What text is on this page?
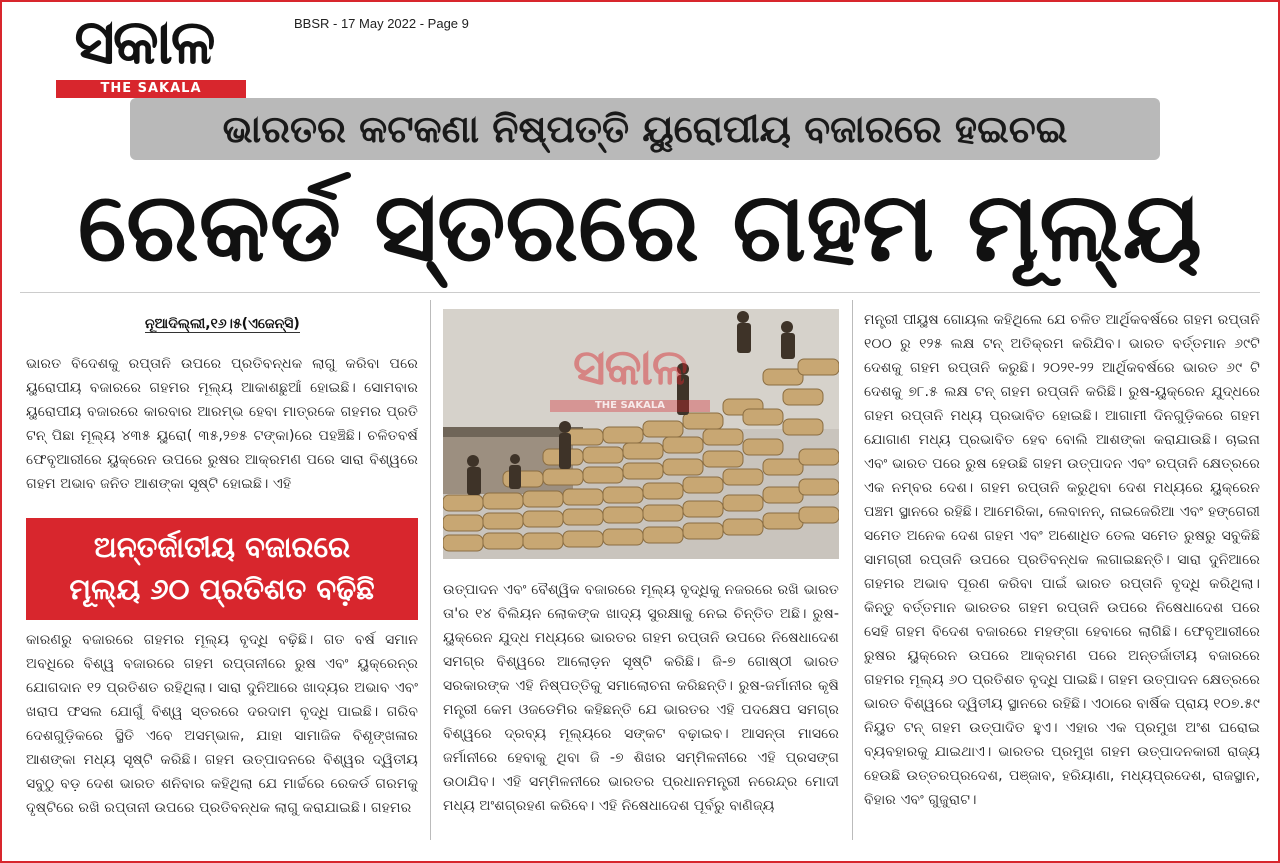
ସକାଳ
THE SAKALA
BBSR - 17 May 2022 - Page 9
ଭାରତର କଟକଣା ନିଷ୍ପତ୍ତି ୟୁରୋପୀୟ ବଜାରରେ ହଇଚଇ
ରେକର୍ଡ ସ୍ତରରେ ଗହମ ମୂଲ୍ୟ
ନୂଆଦିଲ୍ଲୀ,୧୬।୫(ଏଜେନ୍ସି)

ଭାରତ ବିଦେଶକୁ ରପ୍ତାନି ଉପରେ ପ୍ରତିବନ୍ଧକ ଲାଗୁ କରିବା ପରେ ୟୁରୋପୀୟ ବଜାରରେ ଗହମର ମୂଲ୍ୟ ଆକାଶଛୁଆଁ ହୋଇଛି। ସୋମବାର ୟୁରୋପୀୟ ବଜାରରେ କାରବାର ଆରମ୍ଭ ହେବା ମାତ୍ରକେ ଗହମର ପ୍ରତି ଟନ୍ ପିଛା ମୂଲ୍ୟ ୪୩୫ ୟୁରୋ( ୩୫,୨୭୫ ଟଙ୍କା)ରେ ପହଞ୍ଚିଛି। ଚଳିତବର୍ଷ ଫେବୃଆରୀରେ ୟୁକ୍ରେନ ଉପରେ ରୁଷର ଆକ୍ରମଣ ପରେ ସାରା ବିଶ୍ୱରେ ଗହମ ଅଭାବ ଜନିତ ଆଶଙ୍କା ସୃଷ୍ଟି ହୋଇଛି। ଏହି

ଅନ୍ତର୍ଜାତୀୟ ବଜାରରେ
ମୂଲ୍ୟ ୬୦ ପ୍ରତିଶତ ବଢ଼ିଛି

କାରଣରୁ ବଜାରରେ ଗହମର ମୂଲ୍ୟ ବୃଦ୍ଧି ବଢ଼ିଛି। ଗତ ବର୍ଷ ସମାନ ଅବଧିରେ ବିଶ୍ୱ ବଜାରରେ ଗହମ ରପ୍ତାନୀରେ ରୁଷ ଏବଂ ୟୁକ୍ରେନ୍‌ର ଯୋଗଦାନ ୧୨ ପ୍ରତିଶତ ରହିଥିଲା। ସାରା ଦୁନିଆରେ ଖାଦ୍ୟର ଅଭାବ ଏବଂ ଖରାପ ଫସଲ ଯୋଗୁଁ ବିଶ୍ୱ ସ୍ତରରେ ଦରଦାମ ବୃଦ୍ଧି ପାଇଛି। ଗରିବ ଦେଶଗୁଡ଼ିକରେ ସ୍ଥିତି ଏବେ ଅସମ୍ଭାଳ, ଯାହା ସାମାଜିକ ବିଶୃଙ୍ଖଳାର ଆଶଙ୍କା ମଧ୍ୟ ସୃଷ୍ଟି କରିଛି। ଗହମ ଉତ୍ପାଦନରେ ବିଶ୍ୱର ଦ୍ୱିତୀୟ ସବୁଠୁ ବଡ଼ ଦେଶ ଭାରତ ଶନିବାର କହିଥିଲା ଯେ ମାର୍ଚ୍ଚରେ ରେକର୍ଡ ଗରମକୁ ଦୃଷ୍ଟିରେ ରଖି ରପ୍ତାନୀ ଉପରେ ପ୍ରତିବନ୍ଧକ ଲାଗୁ କରାଯାଇଛି। ଗହମର

ସକାଳ
THE SAKALA

ଉତ୍ପାଦନ ଏବଂ ବୈଶ୍ୱିକ ବଜାରରେ ମୂଲ୍ୟ ବୃଦ୍ଧିକୁ ନଜରରେ ରଖି ଭାରତ ତା'ର ୧୪ ବିଲିୟନ ଲୋକଙ୍କ ଖାଦ୍ୟ ସୁରକ୍ଷାକୁ ନେଇ ଚିନ୍ତିତ ଅଛି। ରୁଷ-ୟୁକ୍ରେନ ଯୁଦ୍ଧ ମଧ୍ୟରେ ଭାରତର ଗହମ ରପ୍ତାନି ଉପରେ ନିଷେଧାଦେଶ ସମଗ୍ର ବିଶ୍ୱରେ ଆଲୋଡ଼ନ ସୃଷ୍ଟି କରିଛି। ଜି-୭ ଗୋଷ୍ଠୀ ଭାରତ ସରକାରଙ୍କ ଏହି ନିଷ୍ପତ୍ତିକୁ ସମାଲୋଚନା କରିଛନ୍ତି। ରୁଷ-ଜର୍ମାନୀର କୃଷି ମନ୍ତ୍ରୀ କେମ ଓଜଡେମିର କହିଛନ୍ତି ଯେ ଭାରତର ଏହି ପଦକ୍ଷେପ ସମଗ୍ର ବିଶ୍ୱରେ ଦ୍ରବ୍ୟ ମୂଲ୍ୟରେ ସଙ୍କଟ ବଢ଼ାଇବ। ଆସନ୍ତା ମାସରେ ଜର୍ମାନୀରେ ହେବାକୁ ଥିବା ଜି -୭ ଶିଖର ସମ୍ମିଳନୀରେ ଏହି ପ୍ରସଙ୍ଗ ଉଠାଯିବ। ଏହି ସମ୍ମିଳନୀରେ ଭାରତର ପ୍ରଧାନମନ୍ତ୍ରୀ ନରେନ୍ଦ୍ର ମୋଦୀ ମଧ୍ୟ ଅଂଶଗ୍ରହଣ କରିବେ। ଏହି ନିଷେଧାଦେଶ ପୂର୍ବରୁ ବାଣିଜ୍ୟ

ମନ୍ତ୍ରୀ ପୀୟୁଷ ଗୋୟଲ କହିଥିଲେ ଯେ ଚଳିତ ଆର୍ଥିକବର୍ଷରେ ଗହମ ରପ୍ତାନି ୧୦୦ ରୁ ୧୨୫ ଲକ୍ଷ ଟନ୍ ଅତିକ୍ରମ କରିଯିବ। ଭାରତ ବର୍ତ୍ତମାନ ୬୯ଟି ଦେଶକୁ ଗହମ ରପ୍ତାନି କରୁଛି। ୨୦୨୧-୨୨ ଆର୍ଥିକବର୍ଷରେ ଭାରତ ୬୯ ଟି ଦେଶକୁ ୭୮.୫ ଲକ୍ଷ ଟନ୍ ଗହମ ରପ୍ତାନି କରିଛି। ରୁଷ-ୟୁକ୍ରେନ ଯୁଦ୍ଧରେ ଗହମ ରପ୍ତାନି ମଧ୍ୟ ପ୍ରଭାବିତ ହୋଇଛି। ଆଗାମୀ ଦିନଗୁଡ଼ିକରେ ଗହମ ଯୋଗାଣ ମଧ୍ୟ ପ୍ରଭାବିତ ହେବ ବୋଲି ଆଶଙ୍କା କରାଯାଉଛି। ଚାଇନା ଏବଂ ଭାରତ ପରେ ରୁଷ ହେଉଛି ଗହମ ଉତ୍ପାଦନ ଏବଂ ରପ୍ତାନି କ୍ଷେତ୍ରରେ ଏକ ନମ୍ବର ଦେଶ। ଗହମ ରପ୍ତାନି କରୁଥିବା ଦେଶ ମଧ୍ୟରେ ୟୁକ୍ରେନ ପଞ୍ଚମ ସ୍ଥାନରେ ରହିଛି। ଆମେରିକା, ଲେବାନନ୍, ନାଇଜେରିଆ ଏବଂ ହଙ୍ଗେରୀ ସମେତ ଅନେକ ଦେଶ ଗହମ ଏବଂ ଅଶୋଧିତ ତେଲ ସମେତ ରୁଷରୁ ସବୁକିଛି ସାମଗ୍ରୀ ରପ୍ତାନି ଉପରେ ପ୍ରତିବନ୍ଧକ ଲଗାଇଛନ୍ତି। ସାରା ଦୁନିଆରେ ଗହମର ଅଭାବ ପୂରଣ କରିବା ପାଇଁ ଭାରତ ରପ୍ତାନି ବୃଦ୍ଧି କରିଥିଲା। କିନ୍ତୁ ବର୍ତ୍ତମାନ ଭାରତର ଗହମ ରପ୍ତାନି ଉପରେ ନିଷେଧାଦେଶ ପରେ ସେହି ଗହମ ବିଦେଶ ବଜାରରେ ମହଙ୍ଗା ହେବାରେ ଲାଗିଛି। ଫେବୃଆରୀରେ ରୁଷର ୟୁକ୍ରେନ ଉପରେ ଆକ୍ରମଣ ପରେ ଅନ୍ତର୍ଜାତୀୟ ବଜାରରେ ଗହମର ମୂଲ୍ୟ ୬୦ ପ୍ରତିଶତ ବୃଦ୍ଧି ପାଇଛି। ଗହମ ଉତ୍ପାଦନ କ୍ଷେତ୍ରରେ ଭାରତ ବିଶ୍ୱରେ ଦ୍ୱିତୀୟ ସ୍ଥାନରେ ରହିଛି। ଏଠାରେ ବାର୍ଷିକ ପ୍ରାୟ ୧୦୭.୫୯ ନିୟୁତ ଟନ୍ ଗହମ ଉତ୍ପାଦିତ ହୁଏ। ଏହାର ଏକ ପ୍ରମୁଖ ଅଂଶ ଘରୋଇ ବ୍ୟବହାରକୁ ଯାଇଥାଏ। ଭାରତର ପ୍ରମୁଖ ଗହମ ଉତ୍ପାଦନକାରୀ ରାଜ୍ୟ ହେଉଛି ଉତ୍ତରପ୍ରଦେଶ, ପଞ୍ଜାବ, ହରିୟାଣା, ମଧ୍ୟପ୍ରଦେଶ, ରାଜସ୍ଥାନ, ବିହାର ଏବଂ ଗୁଜୁରାଟ।
